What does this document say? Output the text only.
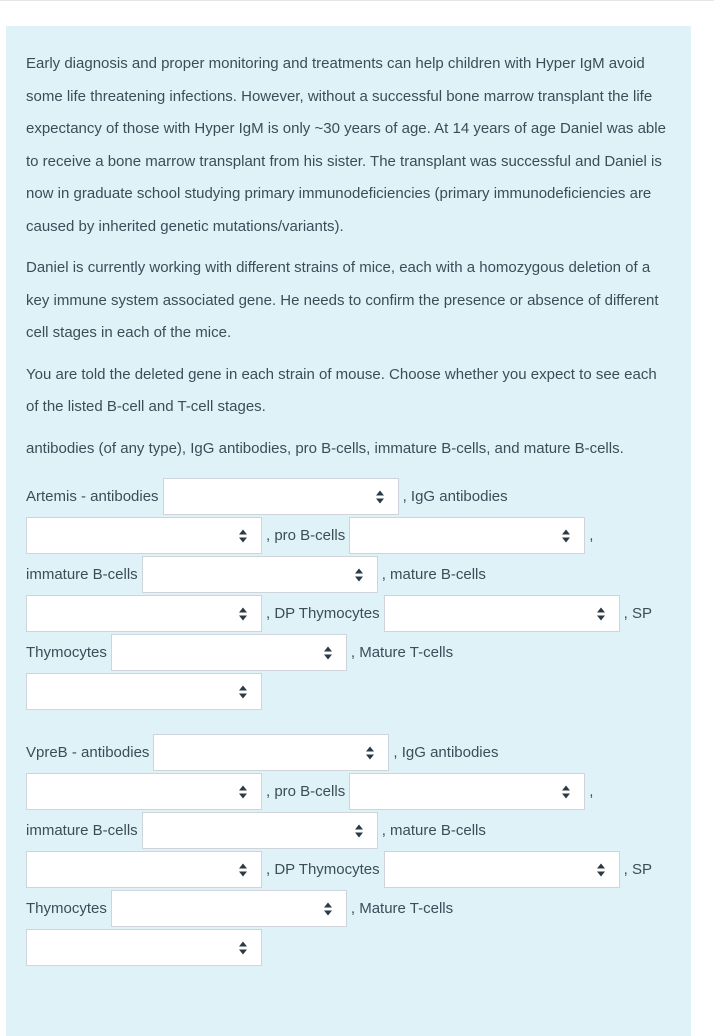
Early diagnosis and proper monitoring and treatments can help children with Hyper IgM avoid some life threatening infections. However, without a successful bone marrow transplant the life expectancy of those with Hyper IgM is only ~30 years of age. At 14 years of age Daniel was able to receive a bone marrow transplant from his sister. The transplant was successful and Daniel is now in graduate school studying primary immunodeficiencies (primary immunodeficiencies are caused by inherited genetic mutations/variants).

Daniel is currently working with different strains of mice, each with a homozygous deletion of a key immune system associated gene. He needs to confirm the presence or absence of different cell stages in each of the mice.

You are told the deleted gene in each strain of mouse. Choose whether you expect to see each of the listed B-cell and T-cell stages.

antibodies (of any type), IgG antibodies, pro B-cells, immature B-cells, and mature B-cells.

Artemis - antibodies	, IgG antibodies
, pro B-cells	,
immature B-cells	, mature B-cells
, DP Thymocytes	, SP
Thymocytes	, Mature T-cells
VpreB - antibodies	, IgG antibodies
, pro B-cells	,
immature B-cells	, mature B-cells
, DP Thymocytes	, SP
Thymocytes	, Mature T-cells
